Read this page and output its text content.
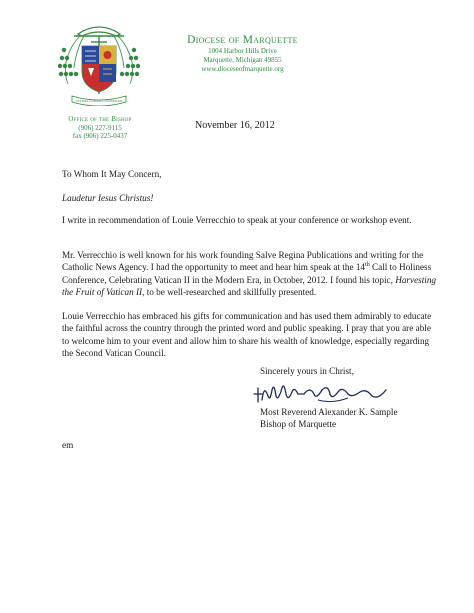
ULTIMA CORAM CUSTODIAM
Office of the Bishop
(906) 227-9115
fax (906) 225-0437
Diocese of Marquette
1004 Harbor Hills Drive
Marquette, Michigan 49855
www.dioceseofmarquette.org
November 16, 2012
To Whom It May Concern,
Laudetur Iesus Christus!
I write in recommendation of Louie Verrecchio to speak at your conference or workshop event.
Mr. Verrecchio is well known for his work founding Salve Regina Publications and writing for the Catholic News Agency. I had the opportunity to meet and hear him speak at the 14th Call to Holiness Conference, Celebrating Vatican II in the Modern Era, in October, 2012. I found his topic, Harvesting the Fruit of Vatican II, to be well-researched and skillfully presented.
Louie Verrecchio has embraced his gifts for communication and has used them admirably to educate the faithful across the country through the printed word and public speaking. I pray that you are able to welcome him to your event and allow him to share his wealth of knowledge, especially regarding the Second Vatican Council.
Sincerely yours in Christ,
Most Reverend Alexander K. Sample
Bishop of Marquette
em
